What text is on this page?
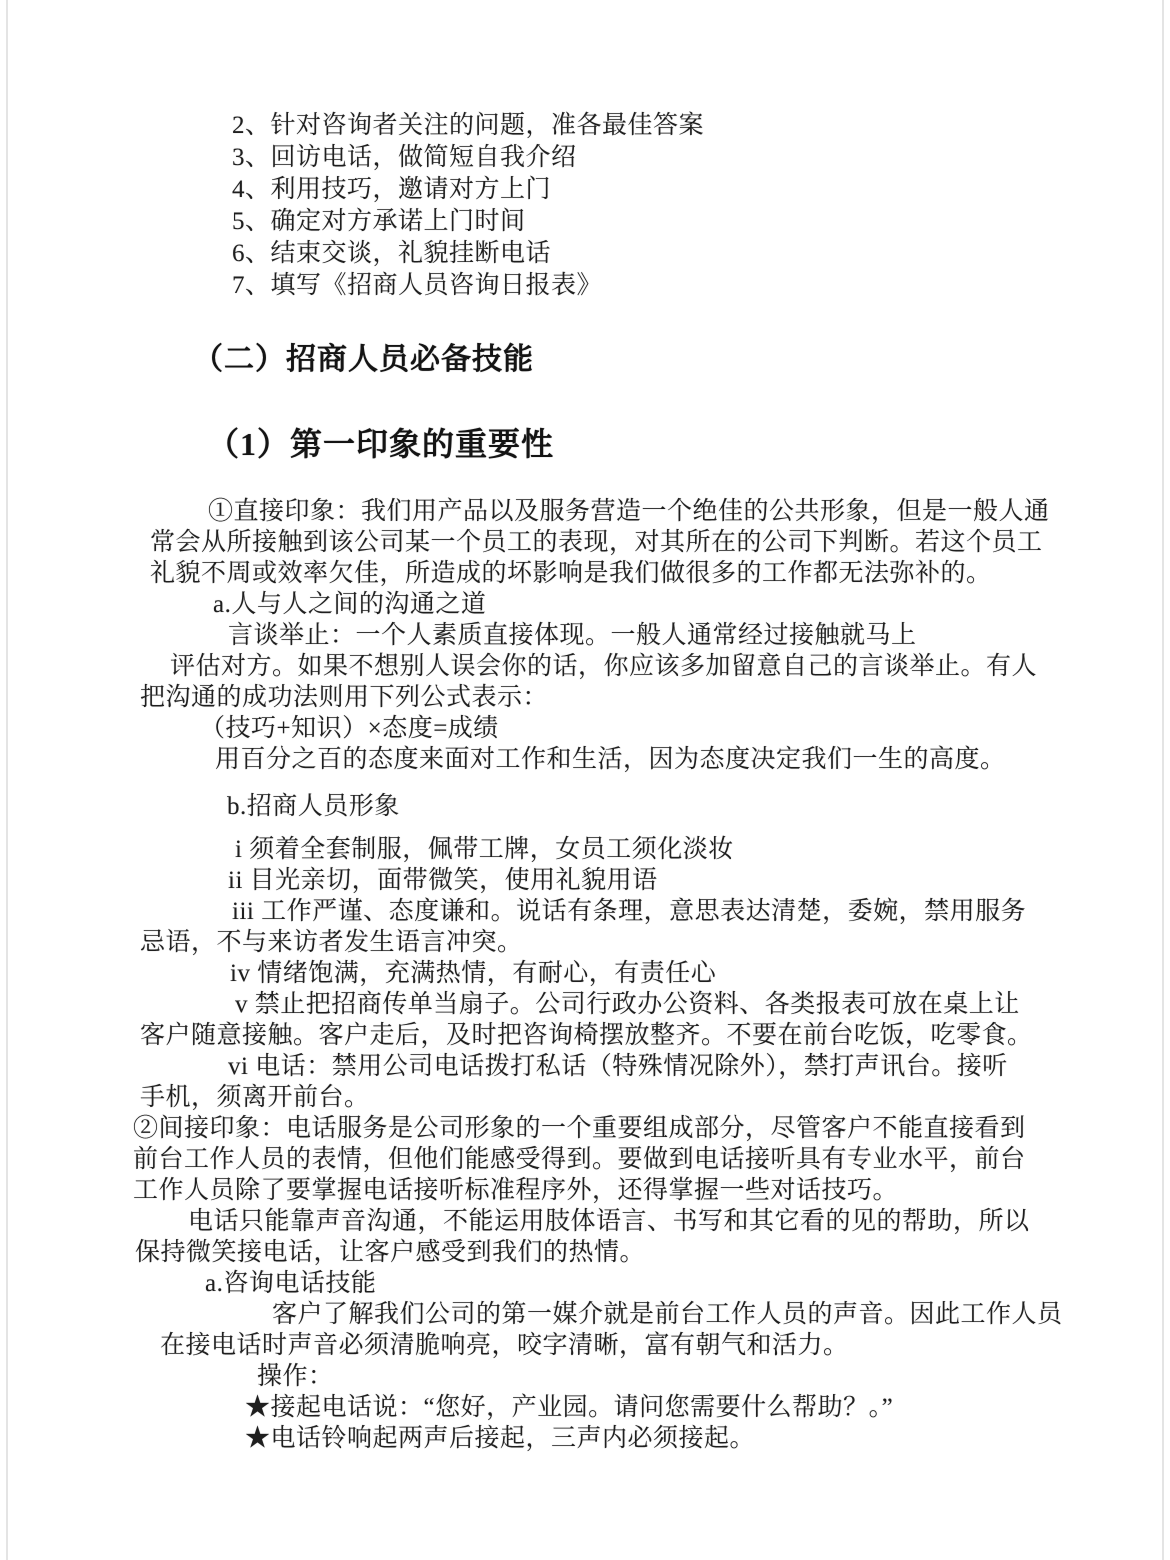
2、针对咨询者关注的问题，准各最佳答案
3、回访电话，做简短自我介绍
4、利用技巧，邀请对方上门
5、确定对方承诺上门时间
6、结束交谈，礼貌挂断电话
7、填写《招商人员咨询日报表》
（二）招商人员必备技能
（1）第一印象的重要性
①直接印象：我们用产品以及服务营造一个绝佳的公共形象，但是一般人通
常会从所接触到该公司某一个员工的表现，对其所在的公司下判断。若这个员工
礼貌不周或效率欠佳，所造成的坏影响是我们做很多的工作都无法弥补的。
a.人与人之间的沟通之道
言谈举止：一个人素质直接体现。一般人通常经过接触就马上
评估对方。如果不想别人误会你的话，你应该多加留意自己的言谈举止。有人
把沟通的成功法则用下列公式表示：
（技巧+知识）×态度=成绩
用百分之百的态度来面对工作和生活，因为态度决定我们一生的高度。
b.招商人员形象
i 须着全套制服，佩带工牌，女员工须化淡妆
ii 目光亲切，面带微笑，使用礼貌用语
iii 工作严谨、态度谦和。说话有条理，意思表达清楚，委婉，禁用服务
忌语，不与来访者发生语言冲突。
iv 情绪饱满，充满热情，有耐心，有责任心
v 禁止把招商传单当扇子。公司行政办公资料、各类报表可放在桌上让
客户随意接触。客户走后，及时把咨询椅摆放整齐。不要在前台吃饭，吃零食。
vi 电话：禁用公司电话拨打私话（特殊情况除外），禁打声讯台。接听
手机，须离开前台。
②间接印象：电话服务是公司形象的一个重要组成部分，尽管客户不能直接看到
前台工作人员的表情，但他们能感受得到。要做到电话接听具有专业水平，前台
工作人员除了要掌握电话接听标准程序外，还得掌握一些对话技巧。
电话只能靠声音沟通，不能运用肢体语言、书写和其它看的见的帮助，所以
保持微笑接电话，让客户感受到我们的热情。
a.咨询电话技能
客户了解我们公司的第一媒介就是前台工作人员的声音。因此工作人员
在接电话时声音必须清脆响亮，咬字清晰，富有朝气和活力。
操作：
★接起电话说：“您好，产业园。请问您需要什么帮助？。”
★电话铃响起两声后接起，三声内必须接起。
